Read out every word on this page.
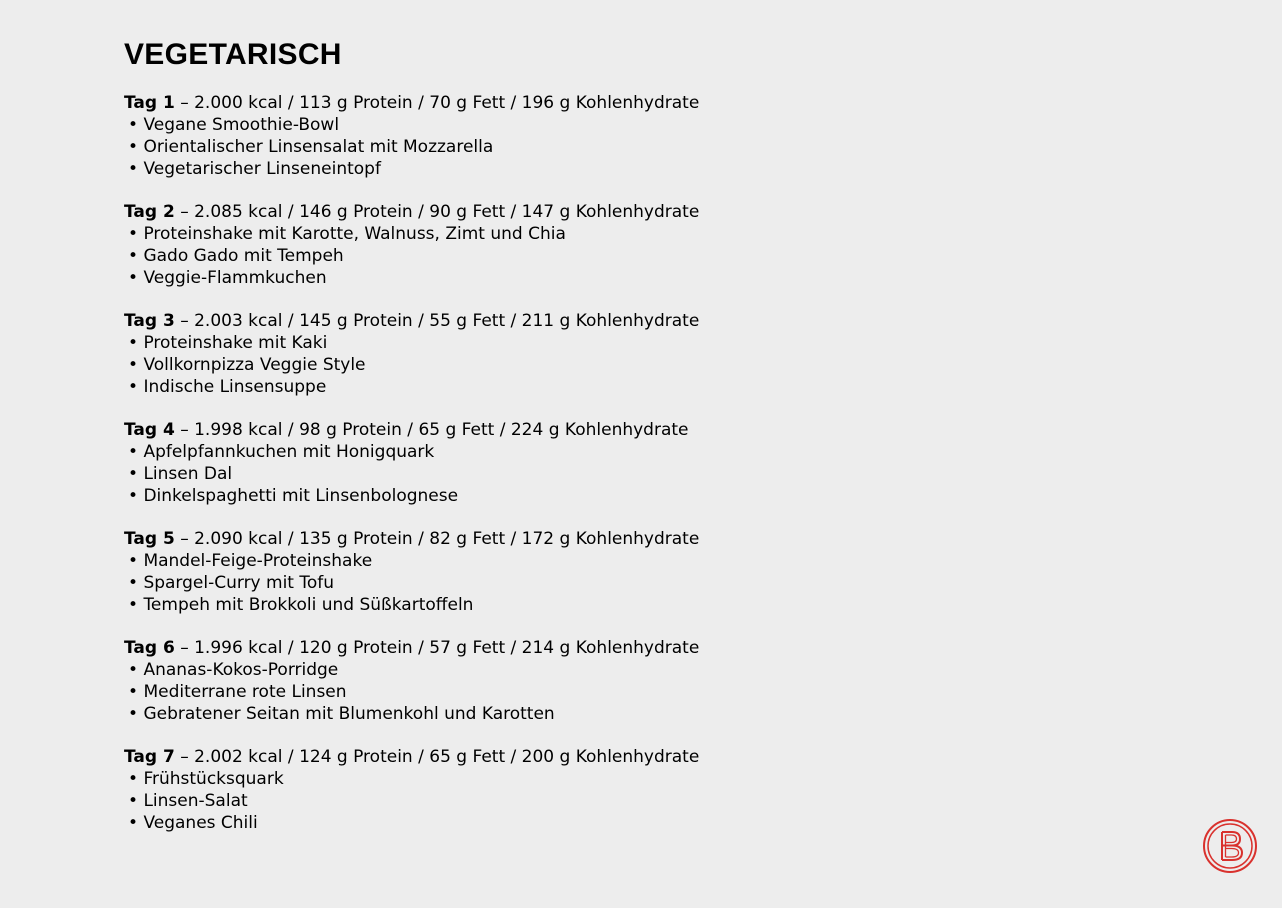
VEGETARISCH
Tag 1 – 2.000 kcal / 113 g Protein / 70 g Fett / 196 g Kohlenhydrate
• Vegane Smoothie-Bowl
• Orientalischer Linsensalat mit Mozzarella
• Vegetarischer Linseneintopf
Tag 2 – 2.085 kcal / 146 g Protein / 90 g Fett / 147 g Kohlenhydrate
• Proteinshake mit Karotte, Walnuss, Zimt und Chia
• Gado Gado mit Tempeh
• Veggie-Flammkuchen
Tag 3 – 2.003 kcal / 145 g Protein / 55 g Fett / 211 g Kohlenhydrate
• Proteinshake mit Kaki
• Vollkornpizza Veggie Style
• Indische Linsensuppe
Tag 4 – 1.998 kcal / 98 g Protein / 65 g Fett / 224 g Kohlenhydrate
• Apfelpfannkuchen mit Honigquark
• Linsen Dal
• Dinkelspaghetti mit Linsenbolognese
Tag 5 – 2.090 kcal / 135 g Protein / 82 g Fett / 172 g Kohlenhydrate
• Mandel-Feige-Proteinshake
• Spargel-Curry mit Tofu
• Tempeh mit Brokkoli und Süßkartoffeln
Tag 6 – 1.996 kcal / 120 g Protein / 57 g Fett / 214 g Kohlenhydrate
• Ananas-Kokos-Porridge
• Mediterrane rote Linsen
• Gebratener Seitan mit Blumenkohl und Karotten
Tag 7 – 2.002 kcal / 124 g Protein / 65 g Fett / 200 g Kohlenhydrate
• Frühstücksquark
• Linsen-Salat
• Veganes Chili
